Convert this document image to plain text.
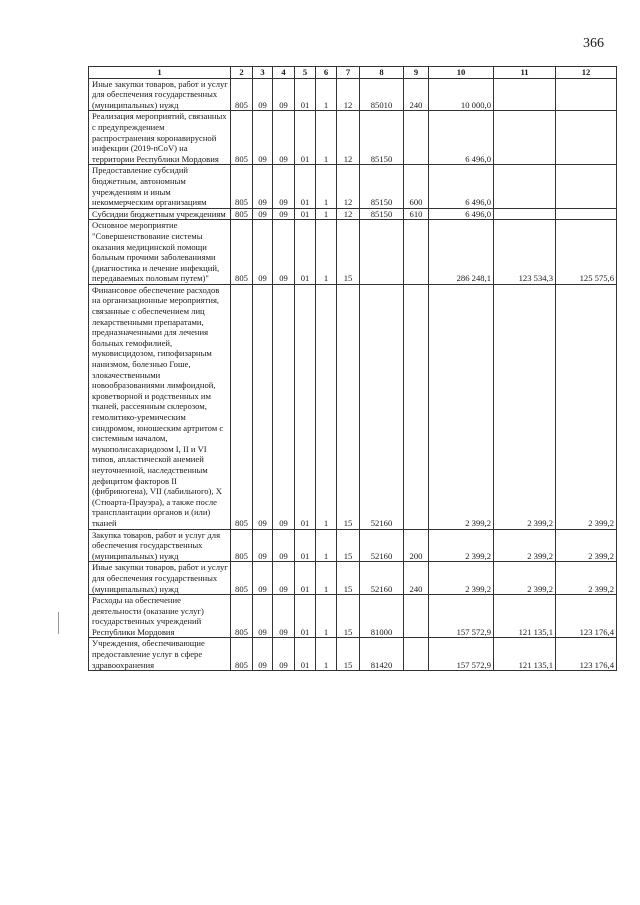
366
1	2	3	4	5	6	7	8	9	10	11	12
Иные закупки товаров, работ и услуг для обеспечения государственных (муниципальных) нужд	805	09	09	01	1	12	85010	240	10 000,0		
Реализация мероприятий, связанных с предупреждением распространения коронавирусной инфекции (2019-nCoV) на территории Республики Мордовия	805	09	09	01	1	12	85150		6 496,0		
Предоставление субсидий бюджетным, автономным учреждениям и иным некоммерческим организациям	805	09	09	01	1	12	85150	600	6 496,0		
Субсидии бюджетным учреждениям	805	09	09	01	1	12	85150	610	6 496,0		
Основное мероприятие "Совершенствование системы оказания медицинской помощи больным прочими заболеваниями (диагностика и лечение инфекций, передаваемых половым путем)"	805	09	09	01	1	15			286 248,1	123 534,3	125 575,6
Финансовое обеспечение расходов на организационные мероприятия, связанные с обеспечением лиц лекарственными препаратами, предназначенными для лечения больных гемофилией, муковисцидозом, гипофизарным нанизмом, болезнью Гоше, злокачественными новообразованиями лимфоидной, кроветворной и родственных им тканей, рассеянным склерозом, гемолитико-уремическим синдромом, юношеским артритом с системным началом, мукополисахаридозом I, II и VI типов, апластической анемией неуточненной, наследственным дефицитом факторов II (фибриногена), VII (лабильного), X (Стюарта-Прауэра), а также после трансплантации органов и (или) тканей	805	09	09	01	1	15	52160		2 399,2	2 399,2	2 399,2
Закупка товаров, работ и услуг для обеспечения государственных (муниципальных) нужд	805	09	09	01	1	15	52160	200	2 399,2	2 399,2	2 399,2
Иные закупки товаров, работ и услуг для обеспечения государственных (муниципальных) нужд	805	09	09	01	1	15	52160	240	2 399,2	2 399,2	2 399,2
Расходы на обеспечение деятельности (оказание услуг) государственных учреждений Республики Мордовия	805	09	09	01	1	15	81000		157 572,9	121 135,1	123 176,4
Учреждения, обеспечивающие предоставление услуг в сфере здравоохранения	805	09	09	01	1	15	81420		157 572,9	121 135,1	123 176,4
